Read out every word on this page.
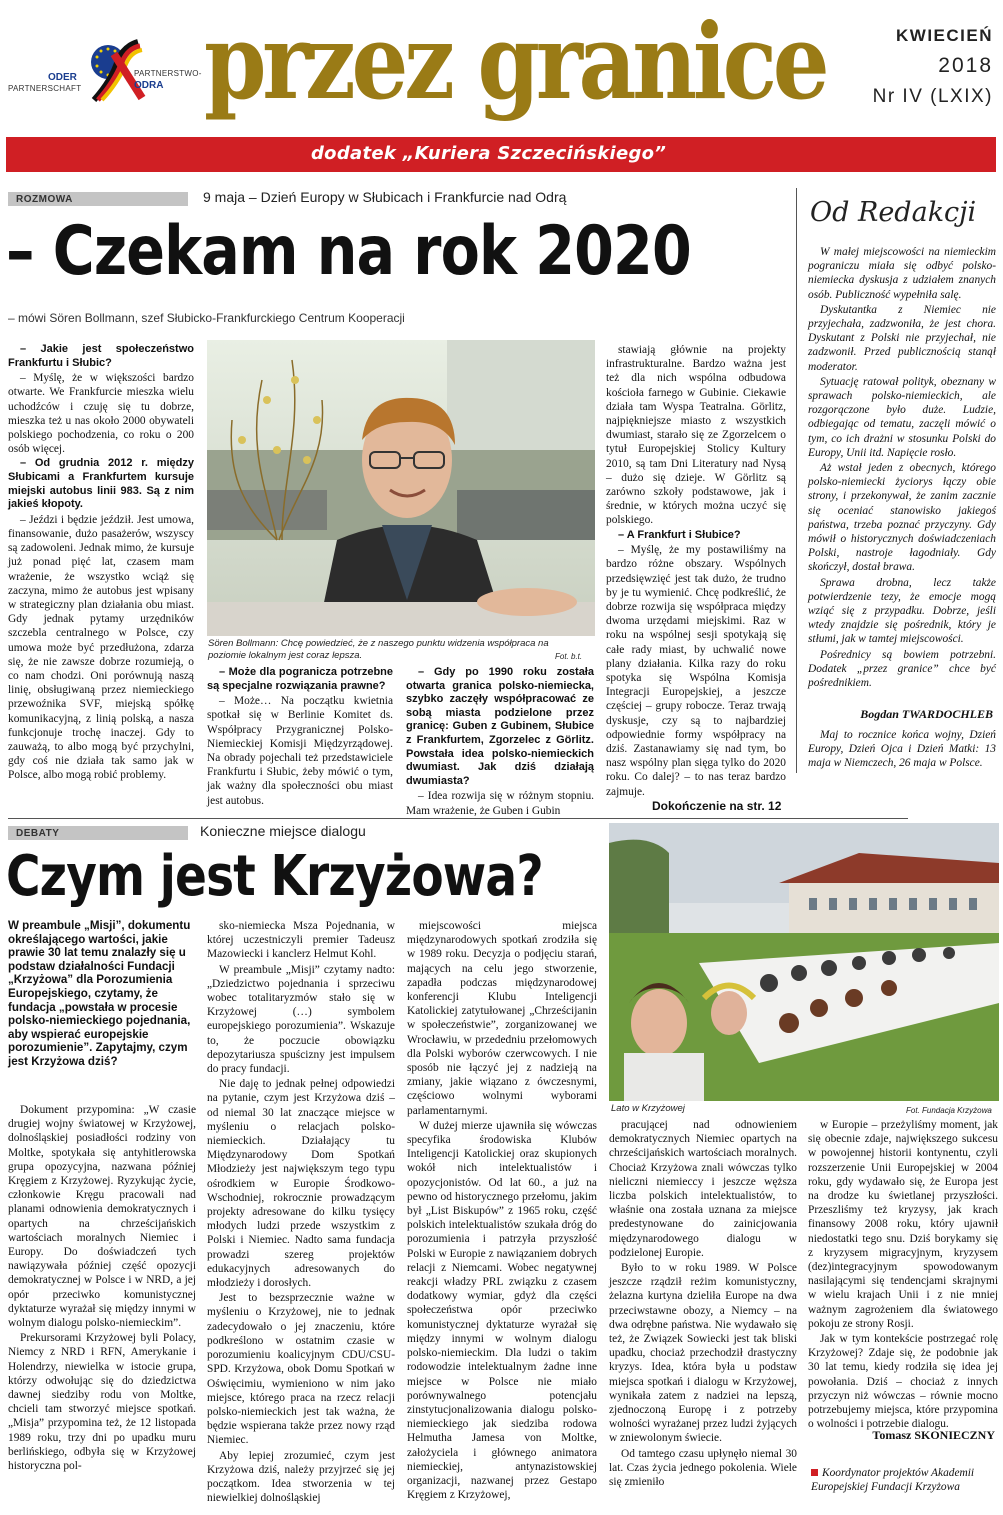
ODER
PARTNERSCHAFT
PARTNERSTWO-
ODRA przez granice	KWIECIEŃ
2018
Nr IV (LXIX)
dodatek „Kuriera Szczecińskiego”
ROZMOWA	9 maja – Dzień Europy w Słubicach i Frankfurcie nad Odrą
– Czekam na rok 2020
– mówi Sören Bollmann, szef Słubicko-Frankfurckiego Centrum Kooperacji

– Jakie jest społeczeństwo Frankfurtu i Słubic?

– Myślę, że w większości bardzo otwarte. We Frankfurcie mieszka wielu uchodźców i czuję się tu dobrze, mieszka też u nas około 2000 obywateli polskiego pochodzenia, co roku o 200 osób więcej.

– Od grudnia 2012 r. między Słubicami a Frankfurtem kursuje miejski autobus linii 983. Są z nim jakieś kłopoty.

– Jeździ i będzie jeździł. Jest umowa, finansowanie, dużo pasażerów, wszyscy są zadowoleni. Jednak mimo, że kursuje już ponad pięć lat, czasem mam wrażenie, że wszystko wciąż się zaczyna, mimo że autobus jest wpisany w strategiczny plan działania obu miast. Gdy jednak pytamy urzędników szczebla centralnego w Polsce, czy umowa może być przedłużona, zdarza się, że nie zawsze dobrze rozumieją, o co nam chodzi. Oni porównują naszą linię, obsługiwaną przez niemieckiego przewoźnika SVF, miejską spółkę komunikacyjną, z linią polską, a nasza funkcjonuje trochę inaczej. Gdy to zauważą, to albo mogą być przychylni, gdy coś nie działa tak samo jak w Polsce, albo mogą robić problemy.

Sören Bollmann: Chcę powiedzieć, że z naszego punktu widzenia współpraca na poziomie lokalnym jest coraz lepsza.	Fot. b.t.

– Może dla pogranicza potrzebne są specjalne rozwiązania prawne?

– Może… Na początku kwietnia spotkał się w Berlinie Komitet ds. Współpracy Przygranicznej Polsko-Niemieckiej Komisji Międzyrządowej. Na obrady pojechali też przedstawiciele Frankfurtu i Słubic, żeby mówić o tym, jak ważny dla społeczności obu miast jest autobus.

– Gdy po 1990 roku została otwarta granica polsko-niemiecka, szybko zaczęły współpracować ze sobą miasta podzielone przez granicę: Guben z Gubinem, Słubice z Frankfurtem, Zgorzelec z Görlitz. Powstała idea polsko-niemieckich dwumiast. Jak dziś działają dwumiasta?

– Idea rozwija się w różnym stopniu. Mam wrażenie, że Guben i Gubin

stawiają głównie na projekty infrastrukturalne. Bardzo ważna jest też dla nich wspólna odbudowa kościoła farnego w Gubinie. Ciekawie działa tam Wyspa Teatralna. Görlitz, najpiękniejsze miasto z wszystkich dwumiast, starało się ze Zgorzelcem o tytuł Europejskiej Stolicy Kultury 2010, są tam Dni Literatury nad Nysą – dużo się dzieje. W Görlitz są zarówno szkoły podstawowe, jak i średnie, w których można uczyć się polskiego.

– A Frankfurt i Słubice?

– Myślę, że my postawiliśmy na bardzo różne obszary. Wspólnych przedsięwzięć jest tak dużo, że trudno by je tu wymienić. Chcę podkreślić, że dobrze rozwija się współpraca między dwoma urzędami miejskimi. Raz w roku na wspólnej sesji spotykają się całe rady miast, by uchwalić nowe plany działania. Kilka razy do roku spotyka się Wspólna Komisja Integracji Europejskiej, a jeszcze częściej – grupy robocze. Teraz trwają dyskusje, czy są to najbardziej odpowiednie formy współpracy na dziś. Zastanawiamy się nad tym, bo nasz wspólny plan sięga tylko do 2020 roku. Co dalej? – to nas teraz bardzo zajmuje.

Dokończenie na str. 12
Od Redakcji

W małej miejscowości na niemieckim pograniczu miała się odbyć polsko-niemiecka dyskusja z udziałem znanych osób. Publiczność wypełniła salę.

Dyskutantka z Niemiec nie przyjechała, zadzwoniła, że jest chora. Dyskutant z Polski nie przyjechał, nie zadzwonił. Przed publicznością stanął moderator.

Sytuację ratował polityk, obeznany w sprawach polsko-niemieckich, ale rozgorączone było duże. Ludzie, odbiegając od tematu, zaczęli mówić o tym, co ich drażni w stosunku Polski do Europy, Unii itd. Napięcie rosło.

Aż wstał jeden z obecnych, którego polsko-niemiecki życiorys łączy obie strony, i przekonywał, że zanim zacznie się oceniać stanowisko jakiegoś państwa, trzeba poznać przyczyny. Gdy mówił o historycznych doświadczeniach Polski, nastroje łagodniały. Gdy skończył, dostał brawa.

Sprawa drobna, lecz także potwierdzenie tezy, że emocje mogą wziąć się z przypadku. Dobrze, jeśli wtedy znajdzie się pośrednik, który je stłumi, jak w tamtej miejscowości.

Pośrednicy są bowiem potrzebni. Dodatek „przez granice” chce być pośrednikiem.

Bogdan TWARDOCHLEB

Maj to rocznice końca wojny, Dzień Europy, Dzień Ojca i Dzień Matki: 13 maja w Niemczech, 26 maja w Polsce.

DEBATY	Konieczne miejsce dialogu
Czym jest Krzyżowa?
W preambule „Misji”, dokumentu określającego wartości, jakie prawie 30 lat temu znalazły się u podstaw działalności Fundacji „Krzyżowa” dla Porozumienia Europejskiego, czytamy, że fundacja „powstała w procesie polsko-niemieckiego pojednania, aby wspierać europejskie porozumienie”. Zapytajmy, czym jest Krzyżowa dziś?

Dokument przypomina: „W czasie drugiej wojny światowej w Krzyżowej, dolnośląskiej posiadłości rodziny von Moltke, spotykała się antyhitlerowska grupa opozycyjna, nazwana później Kręgiem z Krzyżowej. Ryzykując życie, członkowie Kręgu pracowali nad planami odnowienia demokratycznych i opartych na chrześcijańskich wartościach moralnych Niemiec i Europy. Do doświadczeń tych nawiązywała później część opozycji demokratycznej w Polsce i w NRD, a jej opór przeciwko komunistycznej dyktaturze wyrażał się między innymi w wolnym dialogu polsko-niemieckim”.

Prekursorami Krzyżowej byli Polacy, Niemcy z NRD i RFN, Amerykanie i Holendrzy, niewielka w istocie grupa, którzy odwołując się do dziedzictwa dawnej siedziby rodu von Moltke, chcieli tam stworzyć miejsce spotkań. „Misja” przypomina też, że 12 listopada 1989 roku, trzy dni po upadku muru berlińskiego, odbyła się w Krzyżowej historyczna pol-

sko-niemiecka Msza Pojednania, w której uczestniczyli premier Tadeusz Mazowiecki i kanclerz Helmut Kohl.

W preambule „Misji” czytamy nadto: „Dziedzictwo pojednania i sprzeciwu wobec totalitaryzmów stało się w Krzyżowej (…) symbolem europejskiego porozumienia”. Wskazuje to, że poczucie obowiązku depozytariusza spuścizny jest impulsem do pracy fundacji.

Nie daję to jednak pełnej odpowiedzi na pytanie, czym jest Krzyżowa dziś – od niemal 30 lat znaczące miejsce w myśleniu o relacjach polsko-niemieckich. Działający tu Międzynarodowy Dom Spotkań Młodzieży jest największym tego typu ośrodkiem w Europie Środkowo-Wschodniej, rokrocznie prowadzącym projekty adresowane do kilku tysięcy młodych ludzi przede wszystkim z Polski i Niemiec. Nadto sama fundacja prowadzi szereg projektów edukacyjnych adresowanych do młodzieży i dorosłych.

Jest to bezsprzecznie ważne w myśleniu o Krzyżowej, nie to jednak zadecydowało o jej znaczeniu, które podkreślono w ostatnim czasie w porozumieniu koalicyjnym CDU/CSU-SPD. Krzyżowa, obok Domu Spotkań w Oświęcimiu, wymieniono w nim jako miejsce, którego praca na rzecz relacji polsko-niemieckich jest tak ważna, że będzie wspierana także przez nowy rząd Niemiec.

Aby lepiej zrozumieć, czym jest Krzyżowa dziś, należy przyjrzeć się jej początkom. Idea stworzenia w tej niewielkiej dolnośląskiej

miejscowości miejsca międzynarodowych spotkań zrodziła się w 1989 roku. Decyzja o podjęciu starań, mających na celu jego stworzenie, zapadła podczas międzynarodowej konferencji Klubu Inteligencji Katolickiej zatytułowanej „Chrześcijanin w społeczeństwie”, zorganizowanej we Wrocławiu, w przededniu przełomowych dla Polski wyborów czerwcowych. I nie sposób nie łączyć jej z nadzieją na zmiany, jakie wiązano z ówczesnymi, częściowo wolnymi wyborami parlamentarnymi.

W dużej mierze ujawniła się wówczas specyfika środowiska Klubów Inteligencji Katolickiej oraz skupionych wokół nich intelektualistów i opozycjonistów. Od lat 60., a już na pewno od historycznego przełomu, jakim był „List Biskupów” z 1965 roku, część polskich intelektualistów szukała dróg do porozumienia i patrzyła przyszłość Polski w Europie z nawiązaniem dobrych relacji z Niemcami. Wobec negatywnej reakcji władzy PRL związku z czasem dodatkowy wymiar, gdyż dla części społeczeństwa opór przeciwko komunistycznej dyktaturze wyrażał się między innymi w wolnym dialogu polsko-niemieckim. Dla ludzi o takim rodowodzie intelektualnym żadne inne miejsce w Polsce nie miało porównywalnego potencjału zinstytucjonalizowania dialogu polsko-niemieckiego jak siedziba rodowa Helmutha Jamesa von Moltke, założyciela i głównego animatora niemieckiej, antynazistowskiej organizacji, nazwanej przez Gestapo Kręgiem z Krzyżowej,

Lato w Krzyżowej	Fot. Fundacja Krzyżowa

pracującej nad odnowieniem demokratycznych Niemiec opartych na chrześcijańskich wartościach moralnych. Chociaż Krzyżowa znali wówczas tylko nieliczni niemieccy i jeszcze węższa liczba polskich intelektualistów, to właśnie ona została uznana za miejsce predestynowane do zainicjowania międzynarodowego dialogu w podzielonej Europie.

Było to w roku 1989. W Polsce jeszcze rządził reżim komunistyczny, żelazna kurtyna dzieliła Europe na dwa przeciwstawne obozy, a Niemcy – na dwa odrębne państwa. Nie wydawało się też, że Związek Sowiecki jest tak bliski upadku, chociaż przechodził drastyczny kryzys. Idea, która była u podstaw miejsca spotkań i dialogu w Krzyżowej, wynikała zatem z nadziei na lepszą, zjednoczoną Europę i z potrzeby wolności wyrażanej przez ludzi żyjących w zniewolonym świecie.

Od tamtego czasu upłynęło niemal 30 lat. Czas życia jednego pokolenia. Wiele się zmieniło

w Europie – przeżyliśmy moment, jak się obecnie zdaje, największego sukcesu w powojennej historii kontynentu, czyli rozszerzenie Unii Europejskiej w 2004 roku, gdy wydawało się, że Europa jest na drodze ku świetlanej przyszłości. Przeszliśmy też kryzysy, jak krach finansowy 2008 roku, który ujawnił niedostatki tego snu. Dziś borykamy się z kryzysem migracyjnym, kryzysem (dez)integracyjnym spowodowanym nasilającymi się tendencjami skrajnymi w wielu krajach Unii i z nie mniej ważnym zagrożeniem dla światowego pokoju ze strony Rosji.

Jak w tym kontekście postrzegać rolę Krzyżowej? Zdaje się, że podobnie jak 30 lat temu, kiedy rodziła się idea jej powołania. Dziś – chociaż z innych przyczyn niż wówczas – równie mocno potrzebujemy miejsca, które przypomina o wolności i potrzebie dialogu.

Tomasz SKONIECZNY
Koordynator projektów Akademii Europejskiej Fundacji Krzyżowa
